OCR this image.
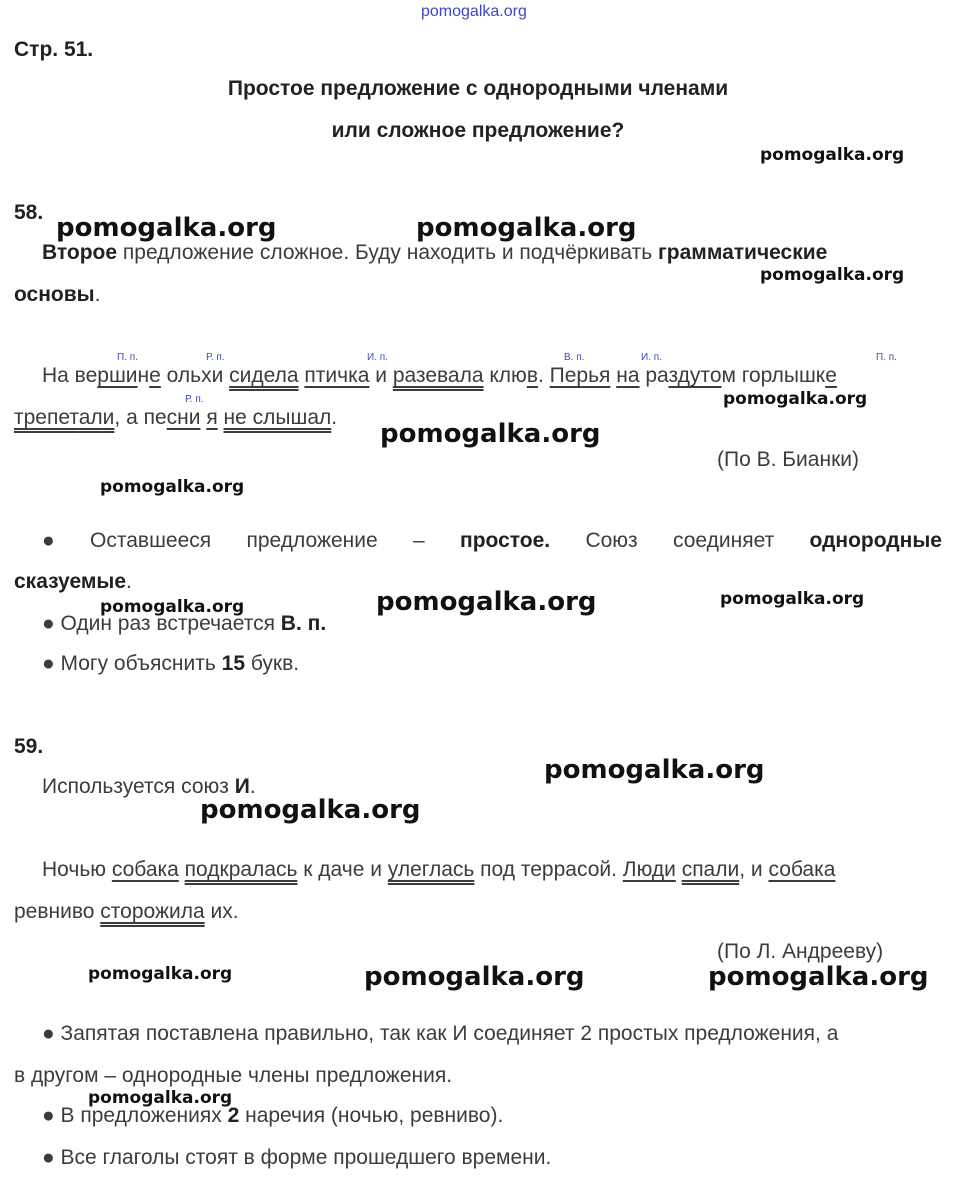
pomogalka.org
Стр. 51.
Простое предложение с однородными членами
или сложное предложение?
pomogalka.org
pomogalka.org	pomogalka.org
pomogalka.org
pomogalka.org
pomogalka.org
pomogalka.org
pomogalka.org	pomogalka.org	pomogalka.org
pomogalka.org
pomogalka.org
pomogalka.org	pomogalka.org	pomogalka.org
pomogalka.org
58.
Второе предложение сложное. Буду находить и подчёркивать грамматические
основы.
П. п.	Р. п.	И. п.	В. п.	И. п.	П. п.
Р. п.
На вершине ольхи сидела птичка и разевала клюв. Перья на раздутом горлышке
трепетали, а песни я не слышал.
(По В. Бианки)
● Оставшееся предложение – простое. Союз соединяет однородные
сказуемые.
● Один раз встречается В. п.
● Могу объяснить 15 букв.
59.
Используется союз И.
Ночью собака подкралась к даче и улеглась под террасой. Люди спали, и собака
ревниво сторожила их.
(По Л. Андрееву)
● Запятая поставлена правильно, так как И соединяет 2 простых предложения, а
в другом – однородные члены предложения.
● В предложениях 2 наречия (ночью, ревниво).
● Все глаголы стоят в форме прошедшего времени.
